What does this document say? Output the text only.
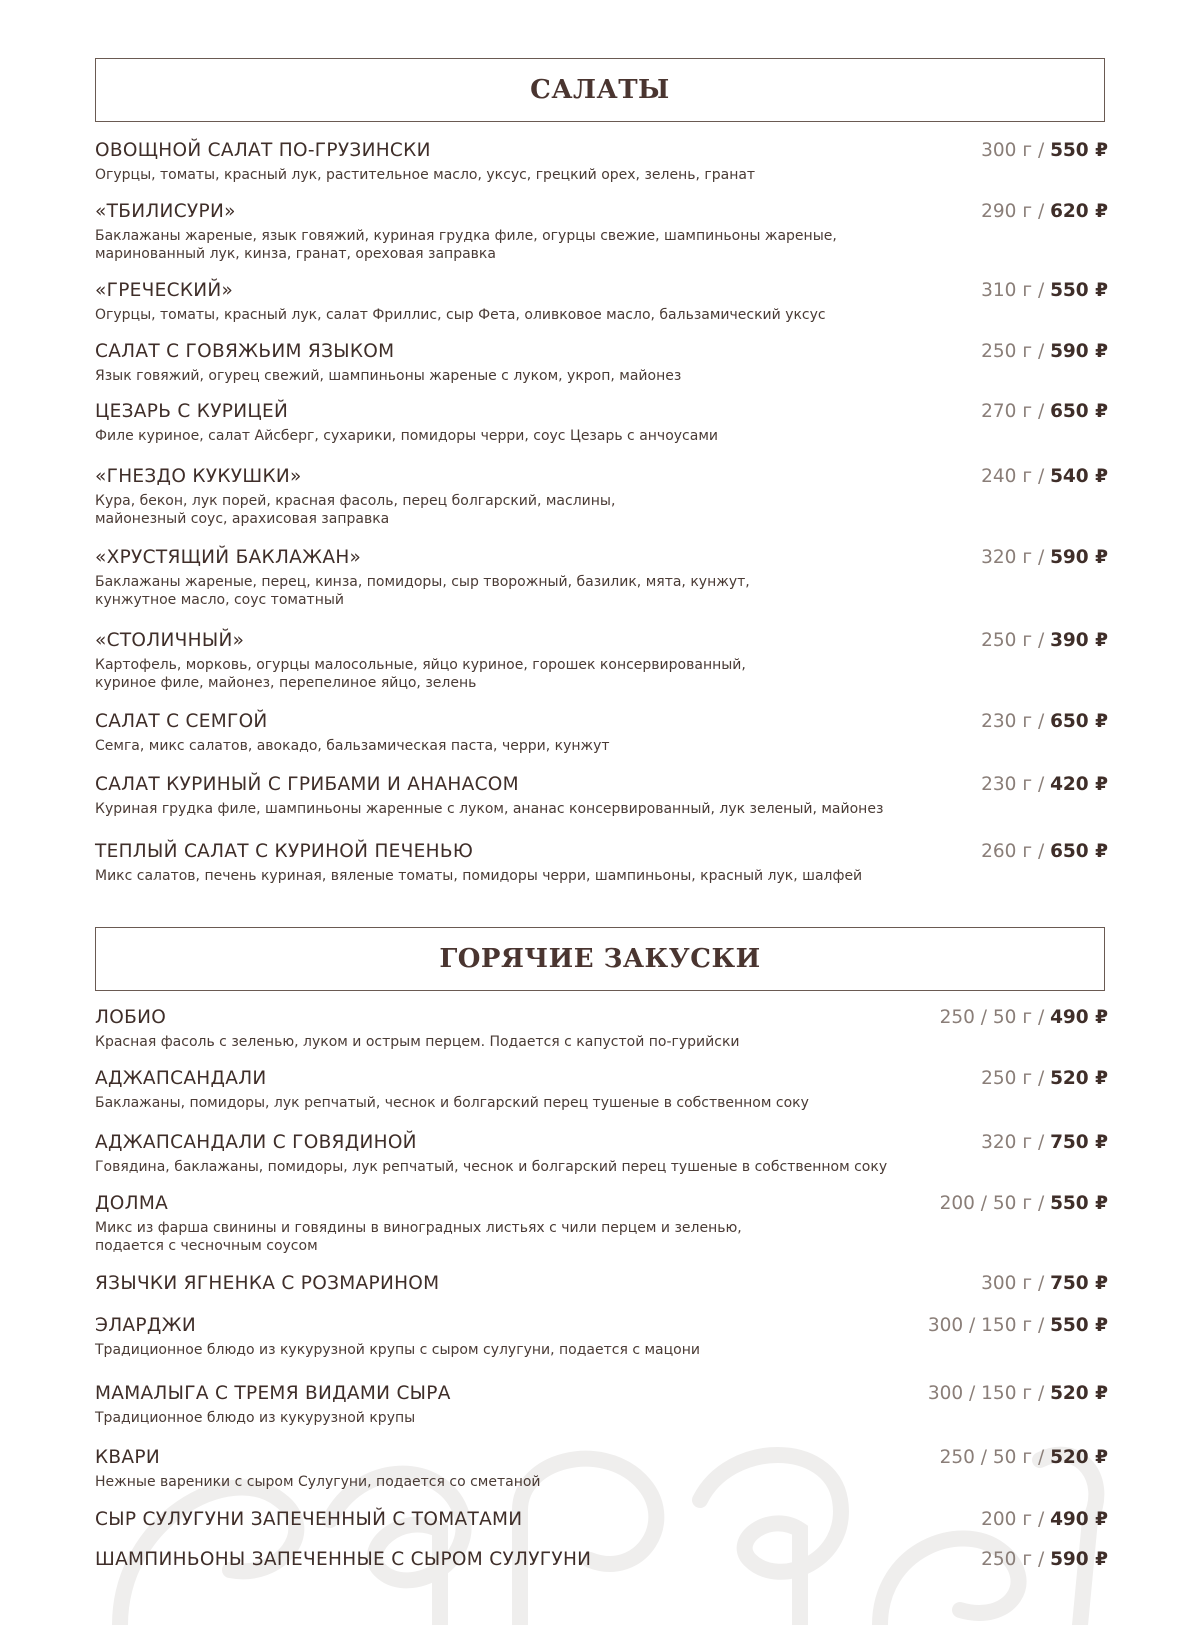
САЛАТЫ
ОВОЩНОЙ САЛАТ ПО-ГРУЗИНСКИ	300 г / 550 ₽
Огурцы, томаты, красный лук, растительное масло, уксус, грецкий орех, зелень, гранат
«ТБИЛИСУРИ»	290 г / 620 ₽
Баклажаны жареные, язык говяжий, куриная грудка филе, огурцы свежие, шампиньоны жареные,
маринованный лук, кинза, гранат, ореховая заправка
«ГРЕЧЕСКИЙ»	310 г / 550 ₽
Огурцы, томаты, красный лук, салат Фриллис, сыр Фета, оливковое масло, бальзамический уксус
САЛАТ С ГОВЯЖЬИМ ЯЗЫКОМ	250 г / 590 ₽
Язык говяжий, огурец свежий, шампиньоны жареные с луком, укроп, майонез
ЦЕЗАРЬ С КУРИЦЕЙ	270 г / 650 ₽
Филе куриное, салат Айсберг, сухарики, помидоры черри, соус Цезарь с анчоусами
«ГНЕЗДО КУКУШКИ»	240 г / 540 ₽
Кура, бекон, лук порей, красная фасоль, перец болгарский, маслины,
майонезный соус, арахисовая заправка
«ХРУСТЯЩИЙ БАКЛАЖАН»	320 г / 590 ₽
Баклажаны жареные, перец, кинза, помидоры, сыр творожный, базилик, мята, кунжут,
кунжутное масло, соус томатный
«СТОЛИЧНЫЙ»	250 г / 390 ₽
Картофель, морковь, огурцы малосольные, яйцо куриное, горошек консервированный,
куриное филе, майонез, перепелиное яйцо, зелень
САЛАТ С СЕМГОЙ	230 г / 650 ₽
Семга, микс салатов, авокадо, бальзамическая паста, черри, кунжут
САЛАТ КУРИНЫЙ С ГРИБАМИ И АНАНАСОМ	230 г / 420 ₽
Куриная грудка филе, шампиньоны жаренные с луком, ананас консервированный, лук зеленый, майонез
ТЕПЛЫЙ САЛАТ С КУРИНОЙ ПЕЧЕНЬЮ	260 г / 650 ₽
Микс салатов, печень куриная, вяленые томаты, помидоры черри, шампиньоны, красный лук, шалфей
ГОРЯЧИЕ ЗАКУСКИ
ЛОБИО	250 / 50 г / 490 ₽
Красная фасоль с зеленью, луком и острым перцем. Подается с капустой по-гурийски
АДЖАПСАНДАЛИ	250 г / 520 ₽
Баклажаны, помидоры, лук репчатый, чеснок и болгарский перец тушеные в собственном соку
АДЖАПСАНДАЛИ С ГОВЯДИНОЙ	320 г / 750 ₽
Говядина, баклажаны, помидоры, лук репчатый, чеснок и болгарский перец тушеные в собственном соку
ДОЛМА	200 / 50 г / 550 ₽
Микс из фарша свинины и говядины в виноградных листьях с чили перцем и зеленью,
подается с чесночным соусом
ЯЗЫЧКИ ЯГНЕНКА С РОЗМАРИНОМ	300 г / 750 ₽
ЭЛАРДЖИ	300 / 150 г / 550 ₽
Традиционное блюдо из кукурузной крупы с сыром сулугуни, подается с мацони
МАМАЛЫГА С ТРЕМЯ ВИДАМИ СЫРА	300 / 150 г / 520 ₽
Традиционное блюдо из кукурузной крупы
КВАРИ	250 / 50 г / 520 ₽
Нежные вареники с сыром Сулугуни, подается со сметаной
СЫР СУЛУГУНИ ЗАПЕЧЕННЫЙ С ТОМАТАМИ	200 г / 490 ₽
ШАМПИНЬОНЫ ЗАПЕЧЕННЫЕ С СЫРОМ СУЛУГУНИ	250 г / 590 ₽
